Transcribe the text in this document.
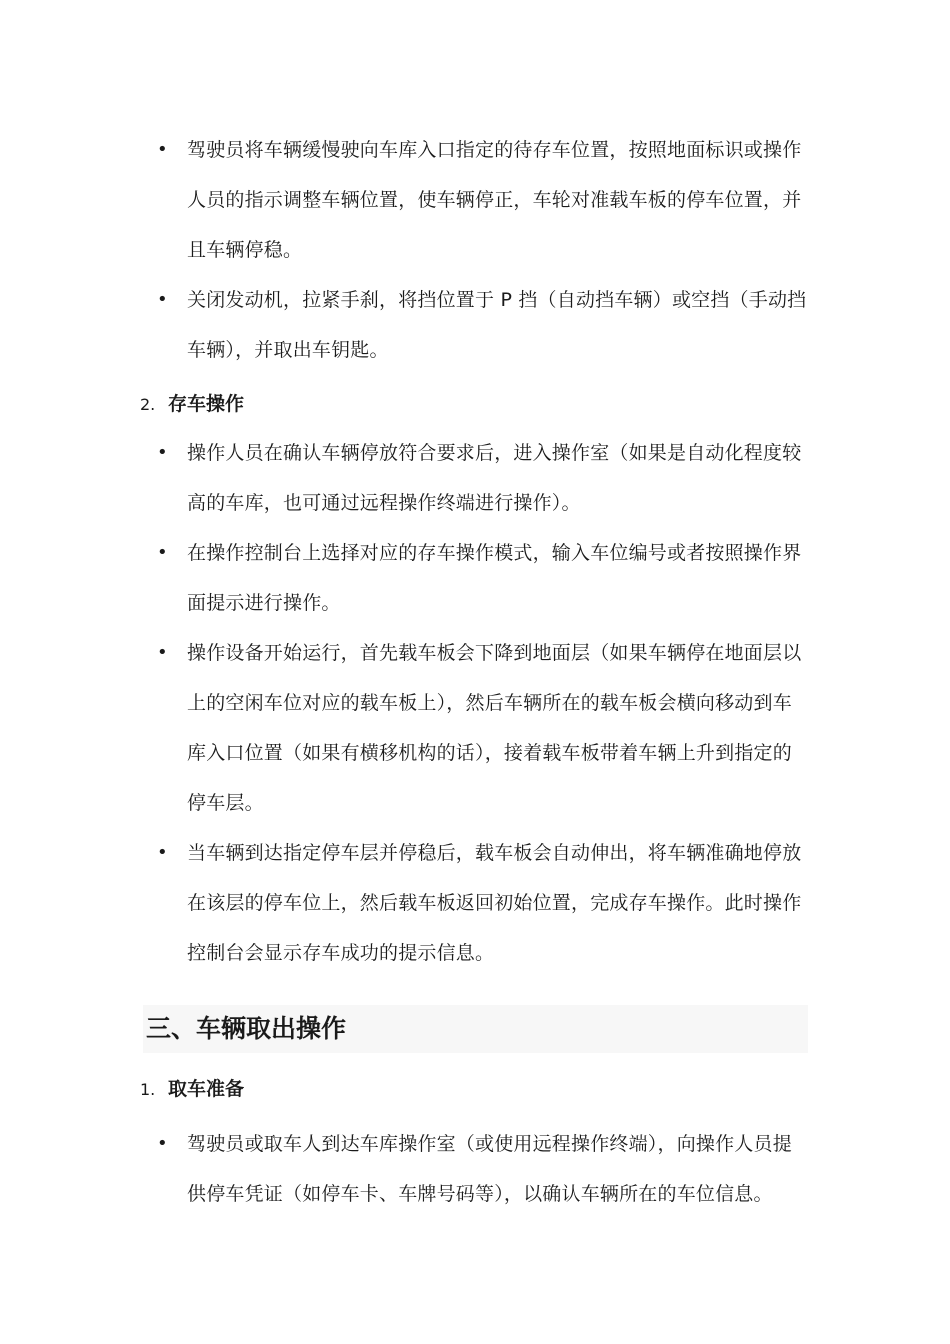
• 驾驶员将车辆缓慢驶向车库入口指定的待存车位置，按照地面标识或操作人员的指示调整车辆位置，使车辆停正，车轮对准载车板的停车位置，并且车辆停稳。
• 关闭发动机，拉紧手刹，将挡位置于 P 挡（自动挡车辆）或空挡（手动挡车辆），并取出车钥匙。
2. 存车操作
• 操作人员在确认车辆停放符合要求后，进入操作室（如果是自动化程度较高的车库，也可通过远程操作终端进行操作）。
• 在操作控制台上选择对应的存车操作模式，输入车位编号或者按照操作界面提示进行操作。
• 操作设备开始运行，首先载车板会下降到地面层（如果车辆停在地面层以上的空闲车位对应的载车板上），然后车辆所在的载车板会横向移动到车库入口位置（如果有横移机构的话），接着载车板带着车辆上升到指定的停车层。
• 当车辆到达指定停车层并停稳后，载车板会自动伸出，将车辆准确地停放在该层的停车位上，然后载车板返回初始位置，完成存车操作。此时操作控制台会显示存车成功的提示信息。
三、车辆取出操作
1. 取车准备
• 驾驶员或取车人到达车库操作室（或使用远程操作终端），向操作人员提供停车凭证（如停车卡、车牌号码等），以确认车辆所在的车位信息。
